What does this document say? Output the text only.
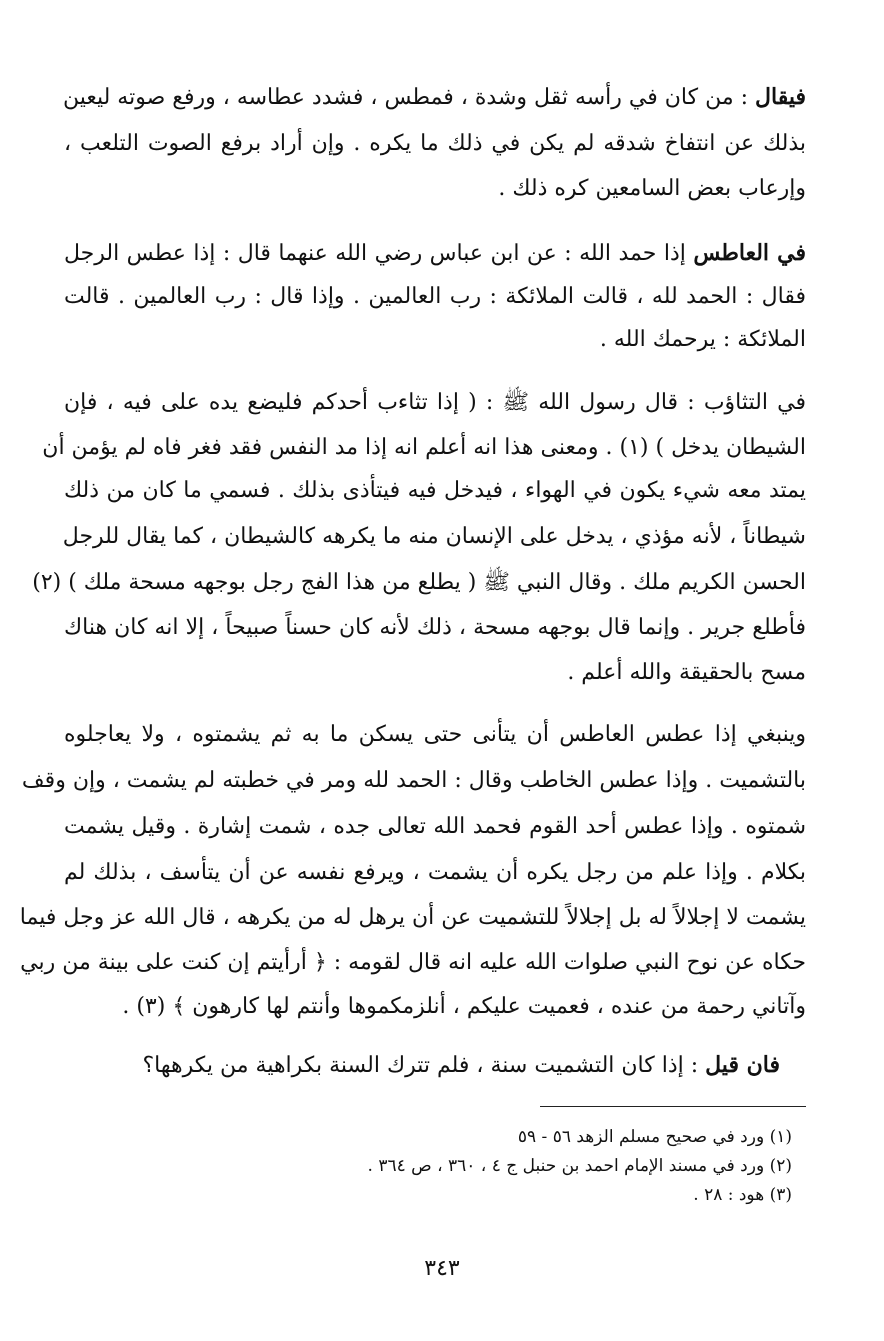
فيقال : من كان في رأسه ثقل وشدة ، فمطس ، فشدد عطاسه ، ورفع صوته ليعين
بذلك عن انتفاخ شدقه لم يكن في ذلك ما يكره . وإن أراد برفع الصوت التلعب ،
وإرعاب بعض السامعين كره ذلك .
في العاطس إذا حمد الله : عن ابن عباس رضي الله عنهما قال : إذا عطس الرجل
فقال : الحمد لله ، قالت الملائكة : رب العالمين . وإذا قال : رب العالمين . قالت
الملائكة : يرحمك الله .
في التثاؤب : قال رسول الله ﷺ : ( إذا تثاءب أحدكم فليضع يده على فيه ، فإن
الشيطان يدخل ) (١) . ومعنى هذا انه أعلم انه إذا مد النفس فقد فغر فاه لم يؤمن أن
يمتد معه شيء يكون في الهواء ، فيدخل فيه فيتأذى بذلك . فسمي ما كان من ذلك
شيطاناً ، لأنه مؤذي ، يدخل على الإنسان منه ما يكرهه كالشيطان ، كما يقال للرجل
الحسن الكريم ملك . وقال النبي ﷺ ( يطلع من هذا الفج رجل بوجهه مسحة ملك ) (٢)
فأطلع جرير . وإنما قال بوجهه مسحة ، ذلك لأنه كان حسناً صبيحاً ، إلا انه كان هناك
مسح بالحقيقة والله أعلم .
وينبغي إذا عطس العاطس أن يتأنى حتى يسكن ما به ثم يشمتوه ، ولا يعاجلوه
بالتشميت . وإذا عطس الخاطب وقال : الحمد لله ومر في خطبته لم يشمت ، وإن وقف
شمتوه . وإذا عطس أحد القوم فحمد الله تعالى جده ، شمت إشارة . وقيل يشمت
بكلام . وإذا علم من رجل يكره أن يشمت ، ويرفع نفسه عن أن يتأسف ، بذلك لم
يشمت لا إجلالاً له بل إجلالاً للتشميت عن أن يرهل له من يكرهه ، قال الله عز وجل فيما
حكاه عن نوح النبي صلوات الله عليه انه قال لقومه : ﴿ أرأيتم إن كنت على بينة من ربي
وآتاني رحمة من عنده ، فعميت عليكم ، أنلزمكموها وأنتم لها كارهون ﴾ (٣) .
فان قيل : إذا كان التشميت سنة ، فلم تترك السنة بكراهية من يكرهها؟
(١) ورد في صحيح مسلم الزهد ٥٦ - ٥٩
(٢) ورد في مسند الإمام احمد بن حنبل ج ٤ ، ٣٦٠ ، ص ٣٦٤ .
(٣) هود : ٢٨ .
٣٤٣
